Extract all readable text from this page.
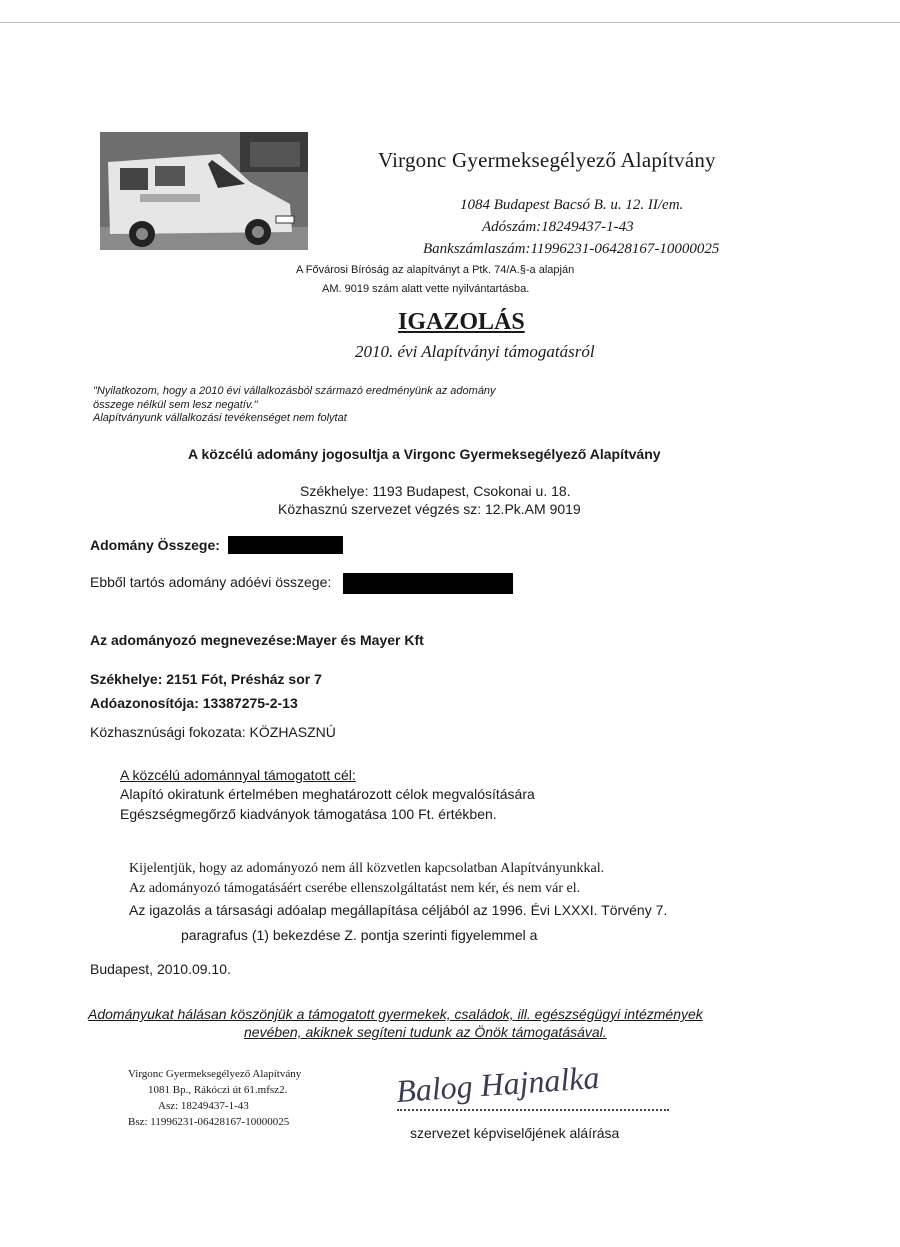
Virgonc Gyermeksegélyező Alapítvány
1084 Budapest Bacsó B. u. 12. II/em.
Adószám:18249437-1-43
Bankszámlaszám:11996231-06428167-10000025
A Fővárosi Bíróság az alapítványt a Ptk. 74/A.§-a alapján
AM. 9019 szám alatt vette nyilvántartásba.
IGAZOLÁS
2010. évi Alapítványi támogatásról
"Nyilatkozom, hogy a 2010 évi vállalkozásból származó eredményünk az adomány
összege nélkül sem lesz negatív."
Alapítványunk vállalkozási tevékenséget nem folytat
A közcélú adomány jogosultja a Virgonc Gyermeksegélyező Alapítvány
Székhelye: 1193 Budapest, Csokonai u. 18.
Közhasznú szervezet végzés sz: 12.Pk.AM 9019
Adomány Összege:
Ebből tartós adomány adóévi összege:
Az adományozó megnevezése:Mayer és Mayer Kft
Székhelye: 2151 Fót, Présház sor 7
Adóazonosítója: 13387275-2-13
Közhasznúsági fokozata: KÖZHASZNÚ
A közcélú adománnyal támogatott cél:
Alapító okiratunk értelmében meghatározott célok megvalósítására
Egészségmegőrző kiadványok támogatása 100 Ft. értékben.
Kijelentjük, hogy az adományozó nem áll közvetlen kapcsolatban Alapítványunkkal.
Az adományozó támogatásáért cserébe ellenszolgáltatást nem kér, és nem vár el.
Az igazolás a társasági adóalap megállapítása céljából az 1996. Évi LXXXI. Törvény 7.
paragrafus (1) bekezdése Z. pontja szerinti figyelemmel a
Budapest, 2010.09.10.
Adományukat hálásan köszönjük a támogatott gyermekek, családok, ill. egészségügyi intézmények
nevében, akiknek segíteni tudunk az Önök támogatásával.
Virgonc Gyermeksegélyező Alapítvány
1081 Bp., Rákóczi út 61.mfsz2.
Asz: 18249437-1-43
Bsz: 11996231-06428167-10000025
Balog Hajnalka
szervezet képviselőjének aláírása
